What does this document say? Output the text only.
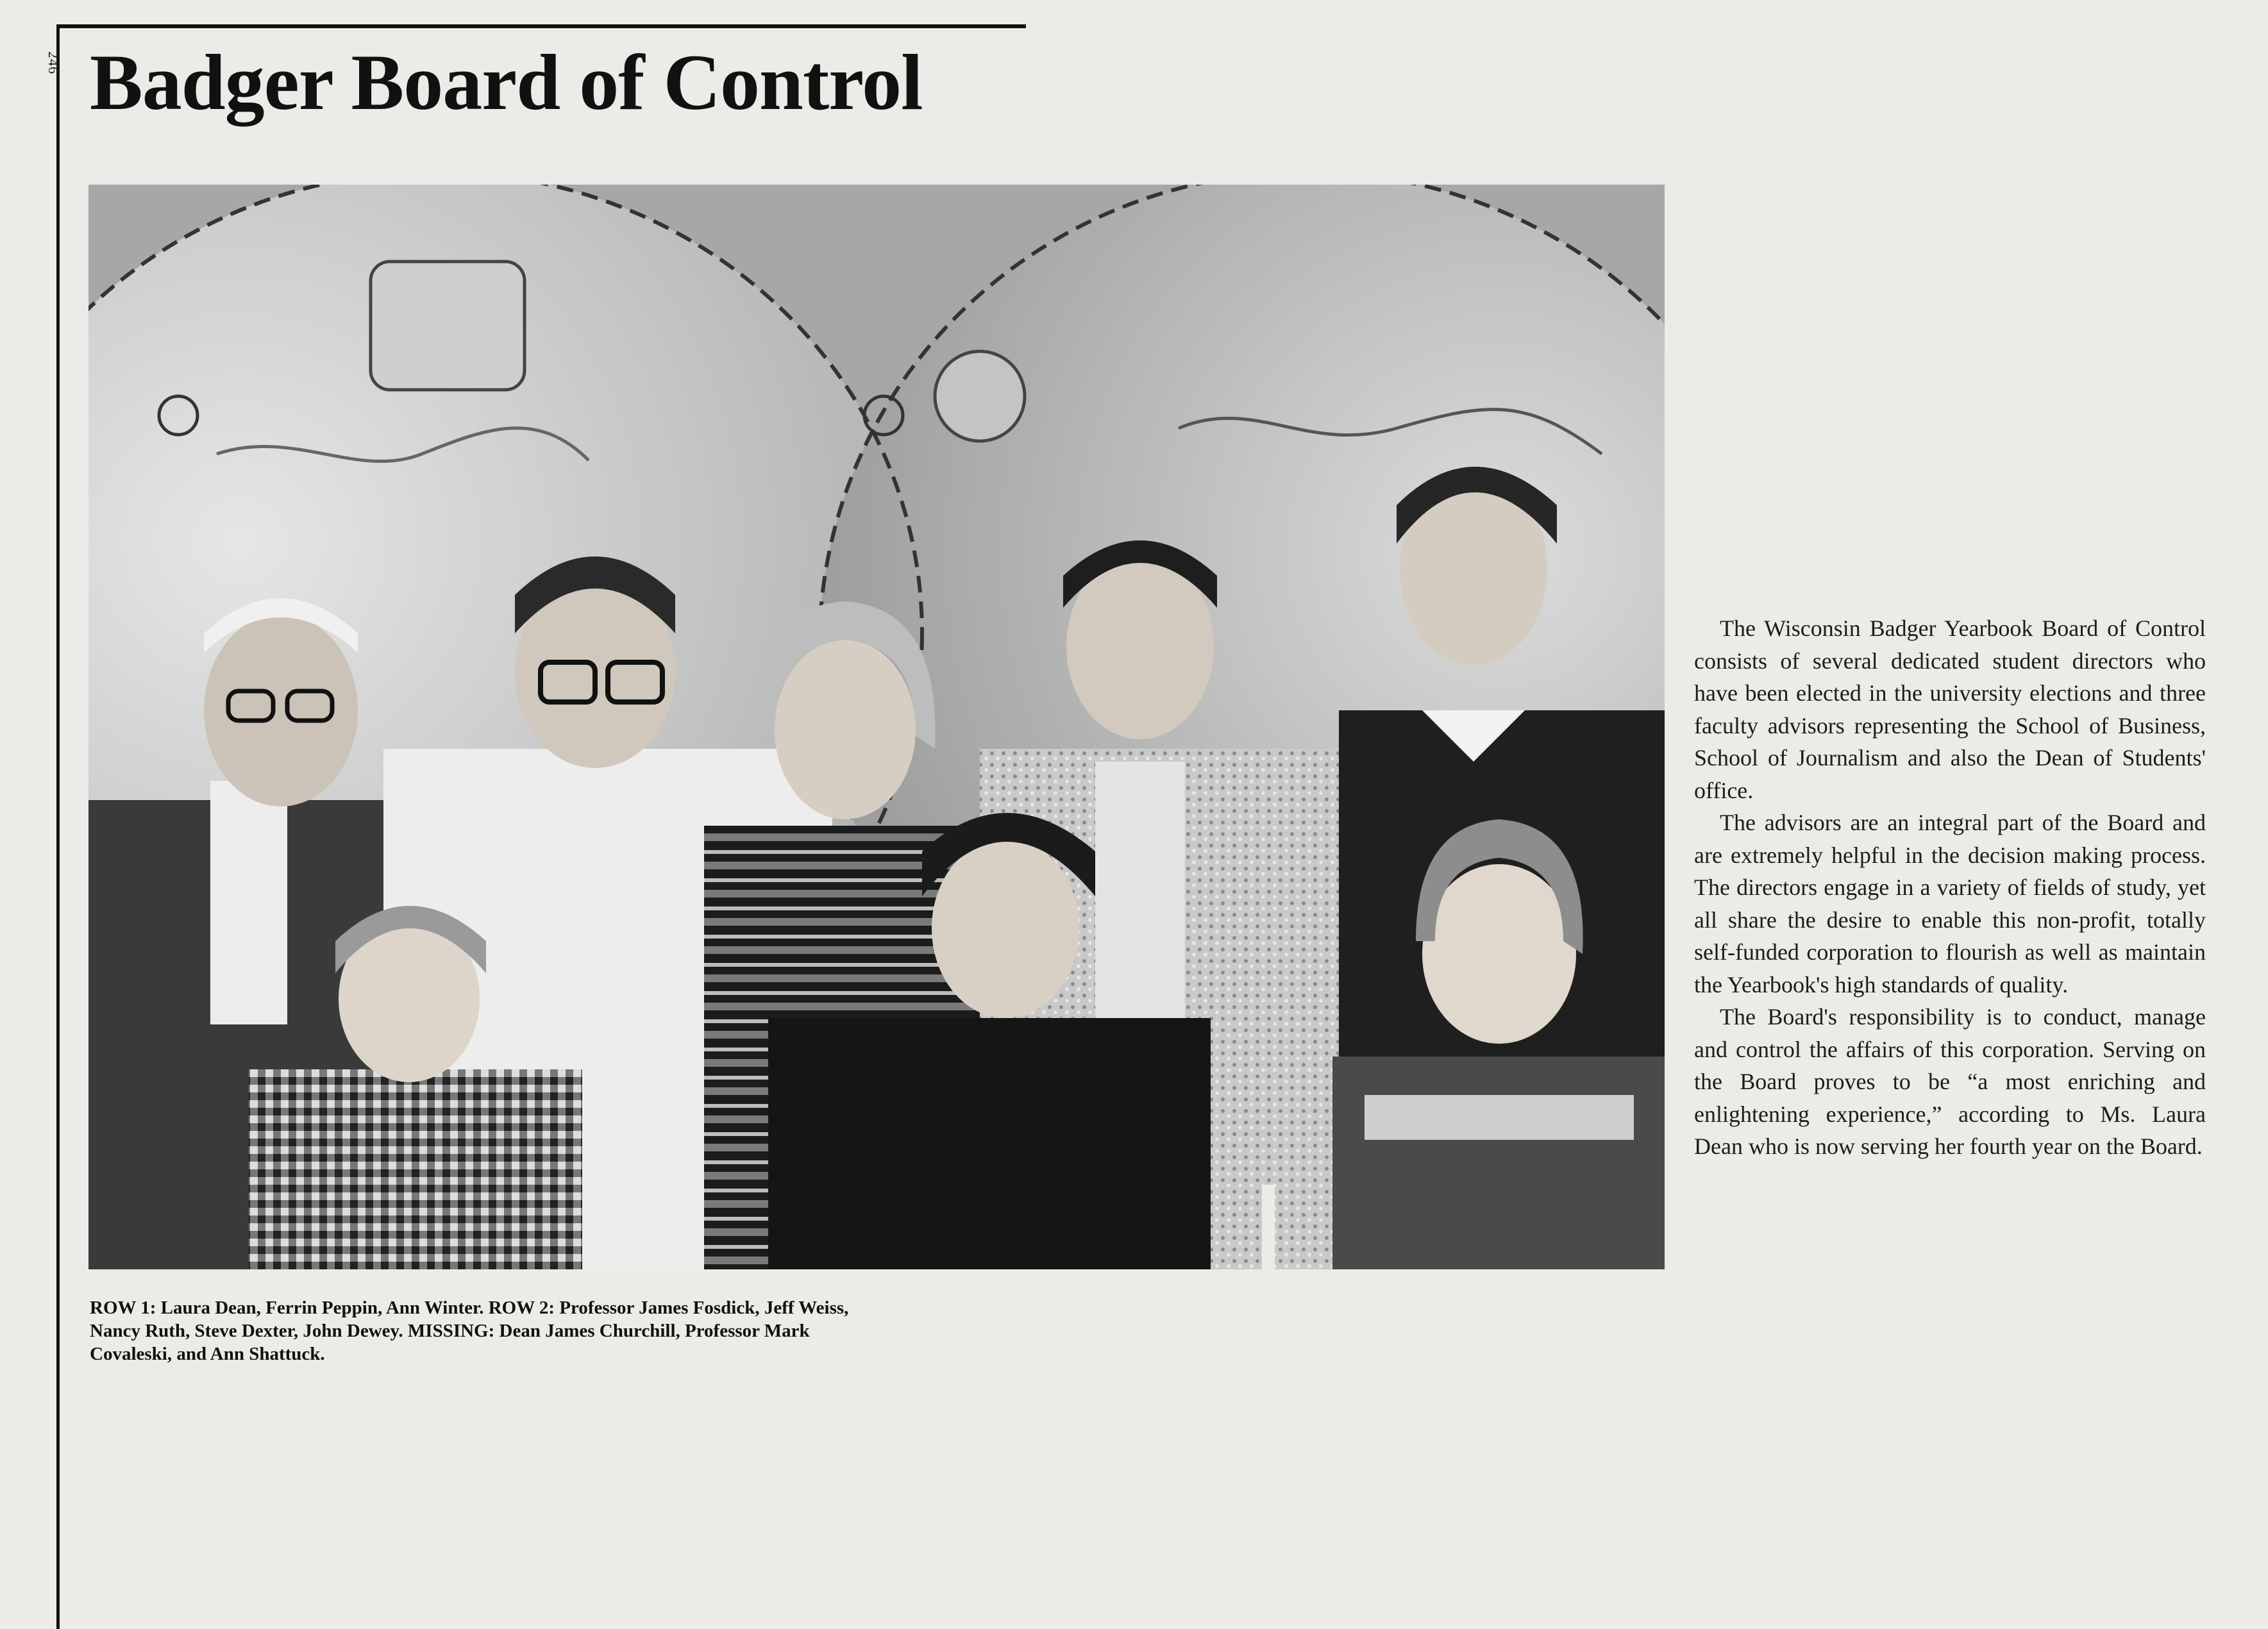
246 Badger Board of Control

ROW 1: Laura Dean, Ferrin Peppin, Ann Winter. ROW 2: Professor James Fosdick, Jeff Weiss, Nancy Ruth, Steve Dexter, John Dewey. MISSING: Dean James Churchill, Professor Mark Covaleski, and Ann Shattuck.

The Wisconsin Badger Yearbook Board of Control consists of several dedicated student directors who have been elected in the university elections and three faculty advisors representing the School of Business, School of Journalism and also the Dean of Students' office.

The advisors are an integral part of the Board and are extremely helpful in the decision making process. The directors engage in a variety of fields of study, yet all share the desire to enable this non-profit, totally self-funded corporation to flourish as well as maintain the Yearbook's high standards of quality.

The Board's responsibility is to conduct, manage and control the affairs of this corporation. Serving on the Board proves to be “a most enriching and enlightening experience,” according to Ms. Laura Dean who is now serving her fourth year on the Board.
